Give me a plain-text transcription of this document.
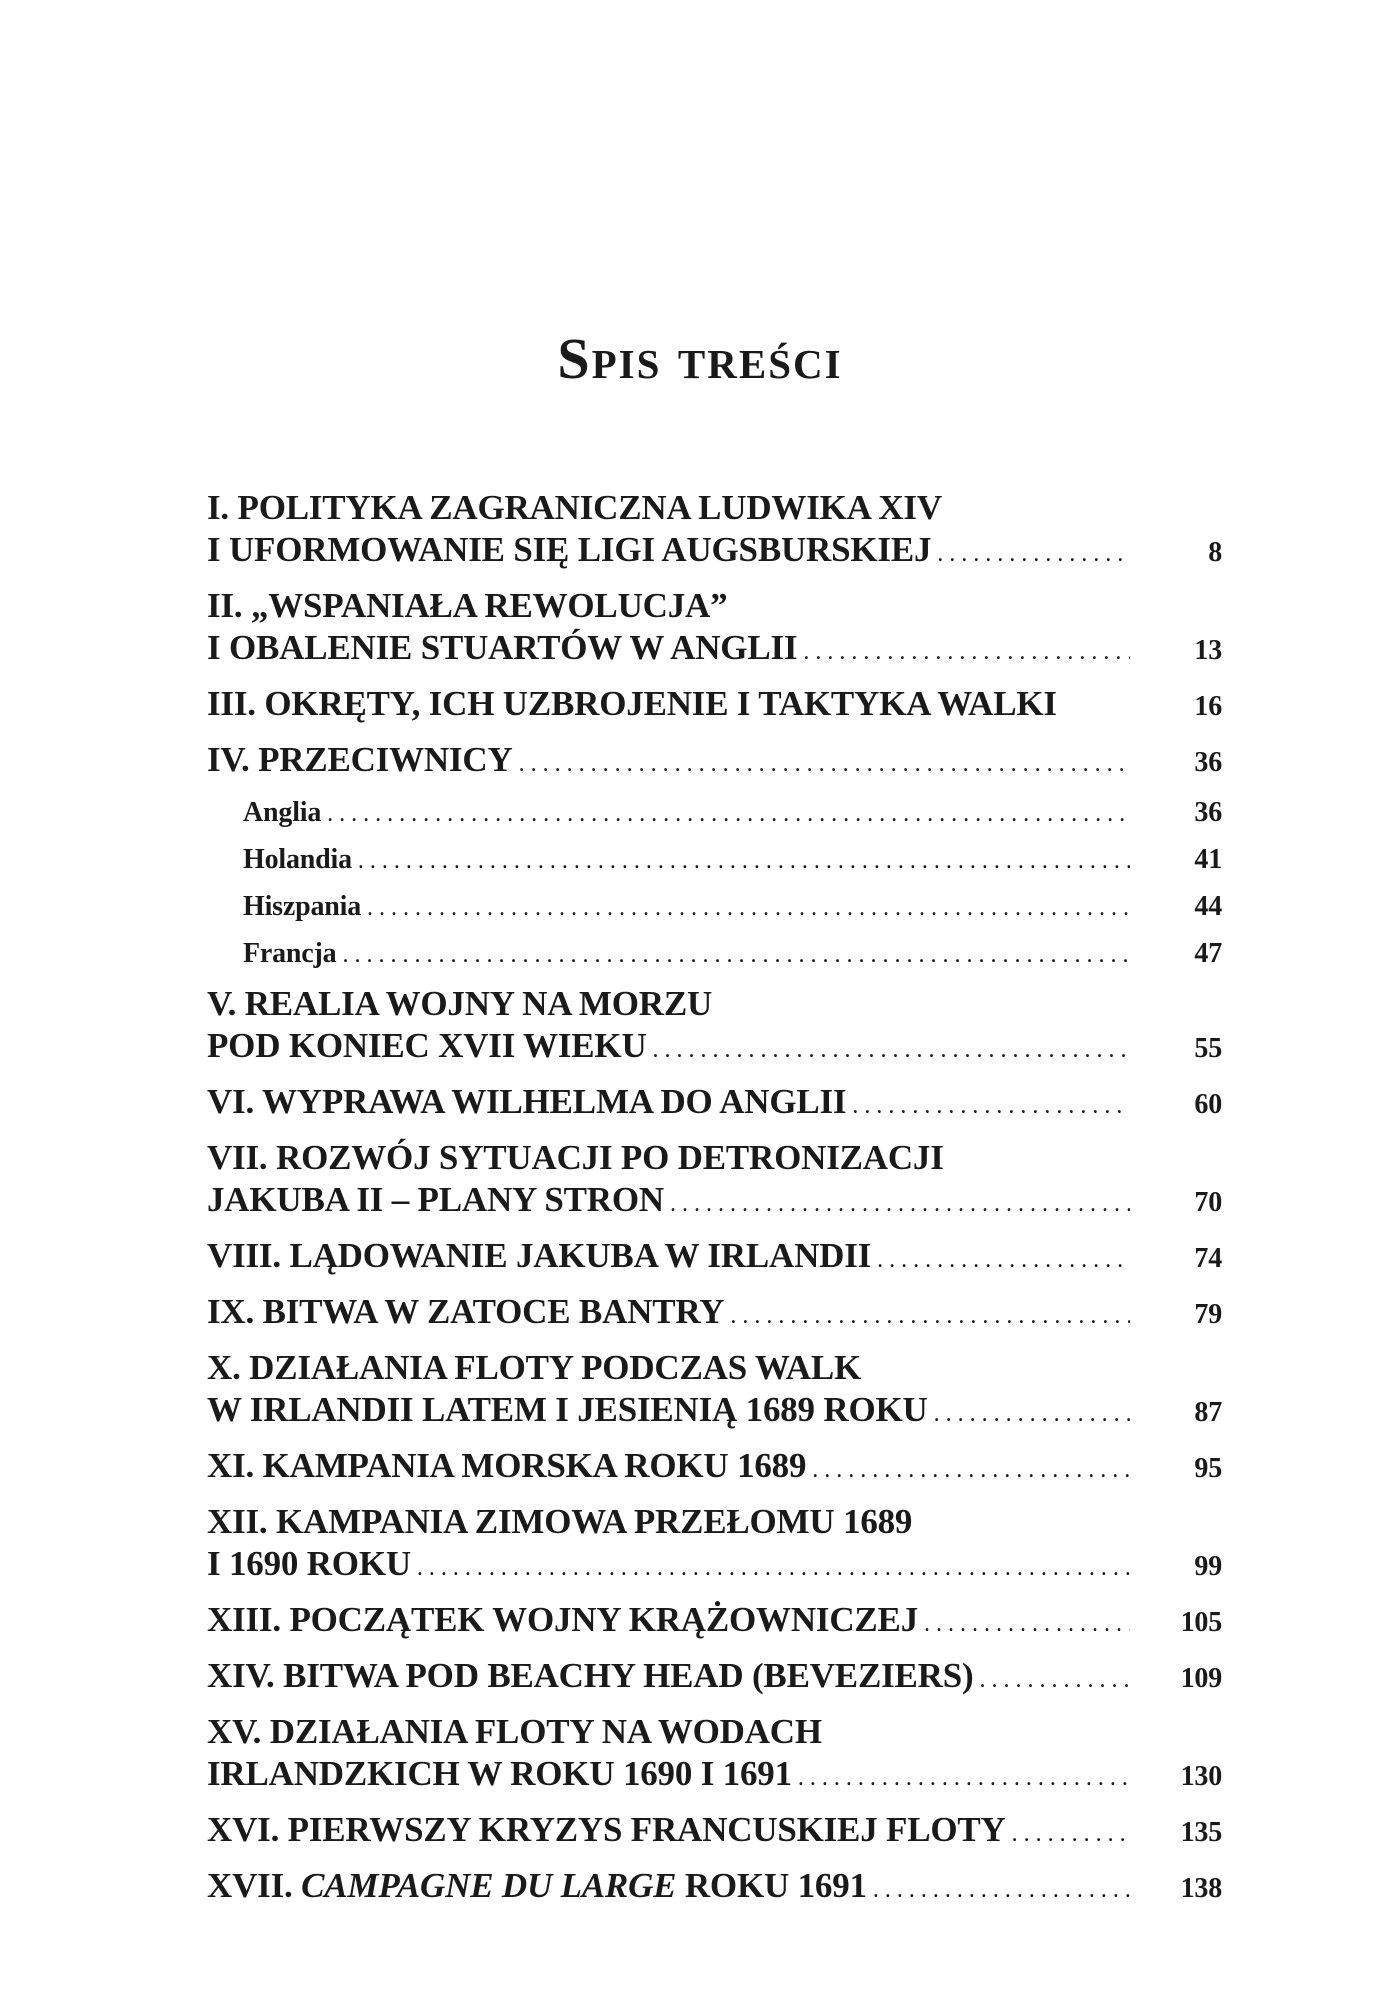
Spis treści
I. POLITYKA ZAGRANICZNA LUDWIKA XIV
I UFORMOWANIE SIĘ LIGI AUGSBURSKIEJ . . .	8
II. „WSPANIAŁA REWOLUCJA”
I OBALENIE STUARTÓW W ANGLII . . .	13
III. OKRĘTY, ICH UZBROJENIE I TAKTYKA WALKI	16
IV. PRZECIWNICY . . .	36
Anglia . . .	36
Holandia . . .	41
Hiszpania . . .	44
Francja . . .	47
V. REALIA WOJNY NA MORZU
POD KONIEC XVII WIEKU . . .	55
VI. WYPRAWA WILHELMA DO ANGLII . . .	60
VII. ROZWÓJ SYTUACJI PO DETRONIZACJI
JAKUBA II – PLANY STRON . . .	70
VIII. LĄDOWANIE JAKUBA W IRLANDII . . .	74
IX. BITWA W ZATOCE BANTRY . . .	79
X. DZIAŁANIA FLOTY PODCZAS WALK
W IRLANDII LATEM I JESIENIĄ 1689 ROKU . . .	87
XI. KAMPANIA MORSKA ROKU 1689 . . .	95
XII. KAMPANIA ZIMOWA PRZEŁOMU 1689
I 1690 ROKU . . .	99
XIII. POCZĄTEK WOJNY KRĄŻOWNICZEJ . . .	105
XIV. BITWA POD BEACHY HEAD (BEVEZIERS) . . .	109
XV. DZIAŁANIA FLOTY NA WODACH
IRLANDZKICH W ROKU 1690 I 1691 . . .	130
XVI. PIERWSZY KRYZYS FRANCUSKIEJ FLOTY . . .	135
XVII. CAMPAGNE DU LARGE ROKU 1691 . . .	138
